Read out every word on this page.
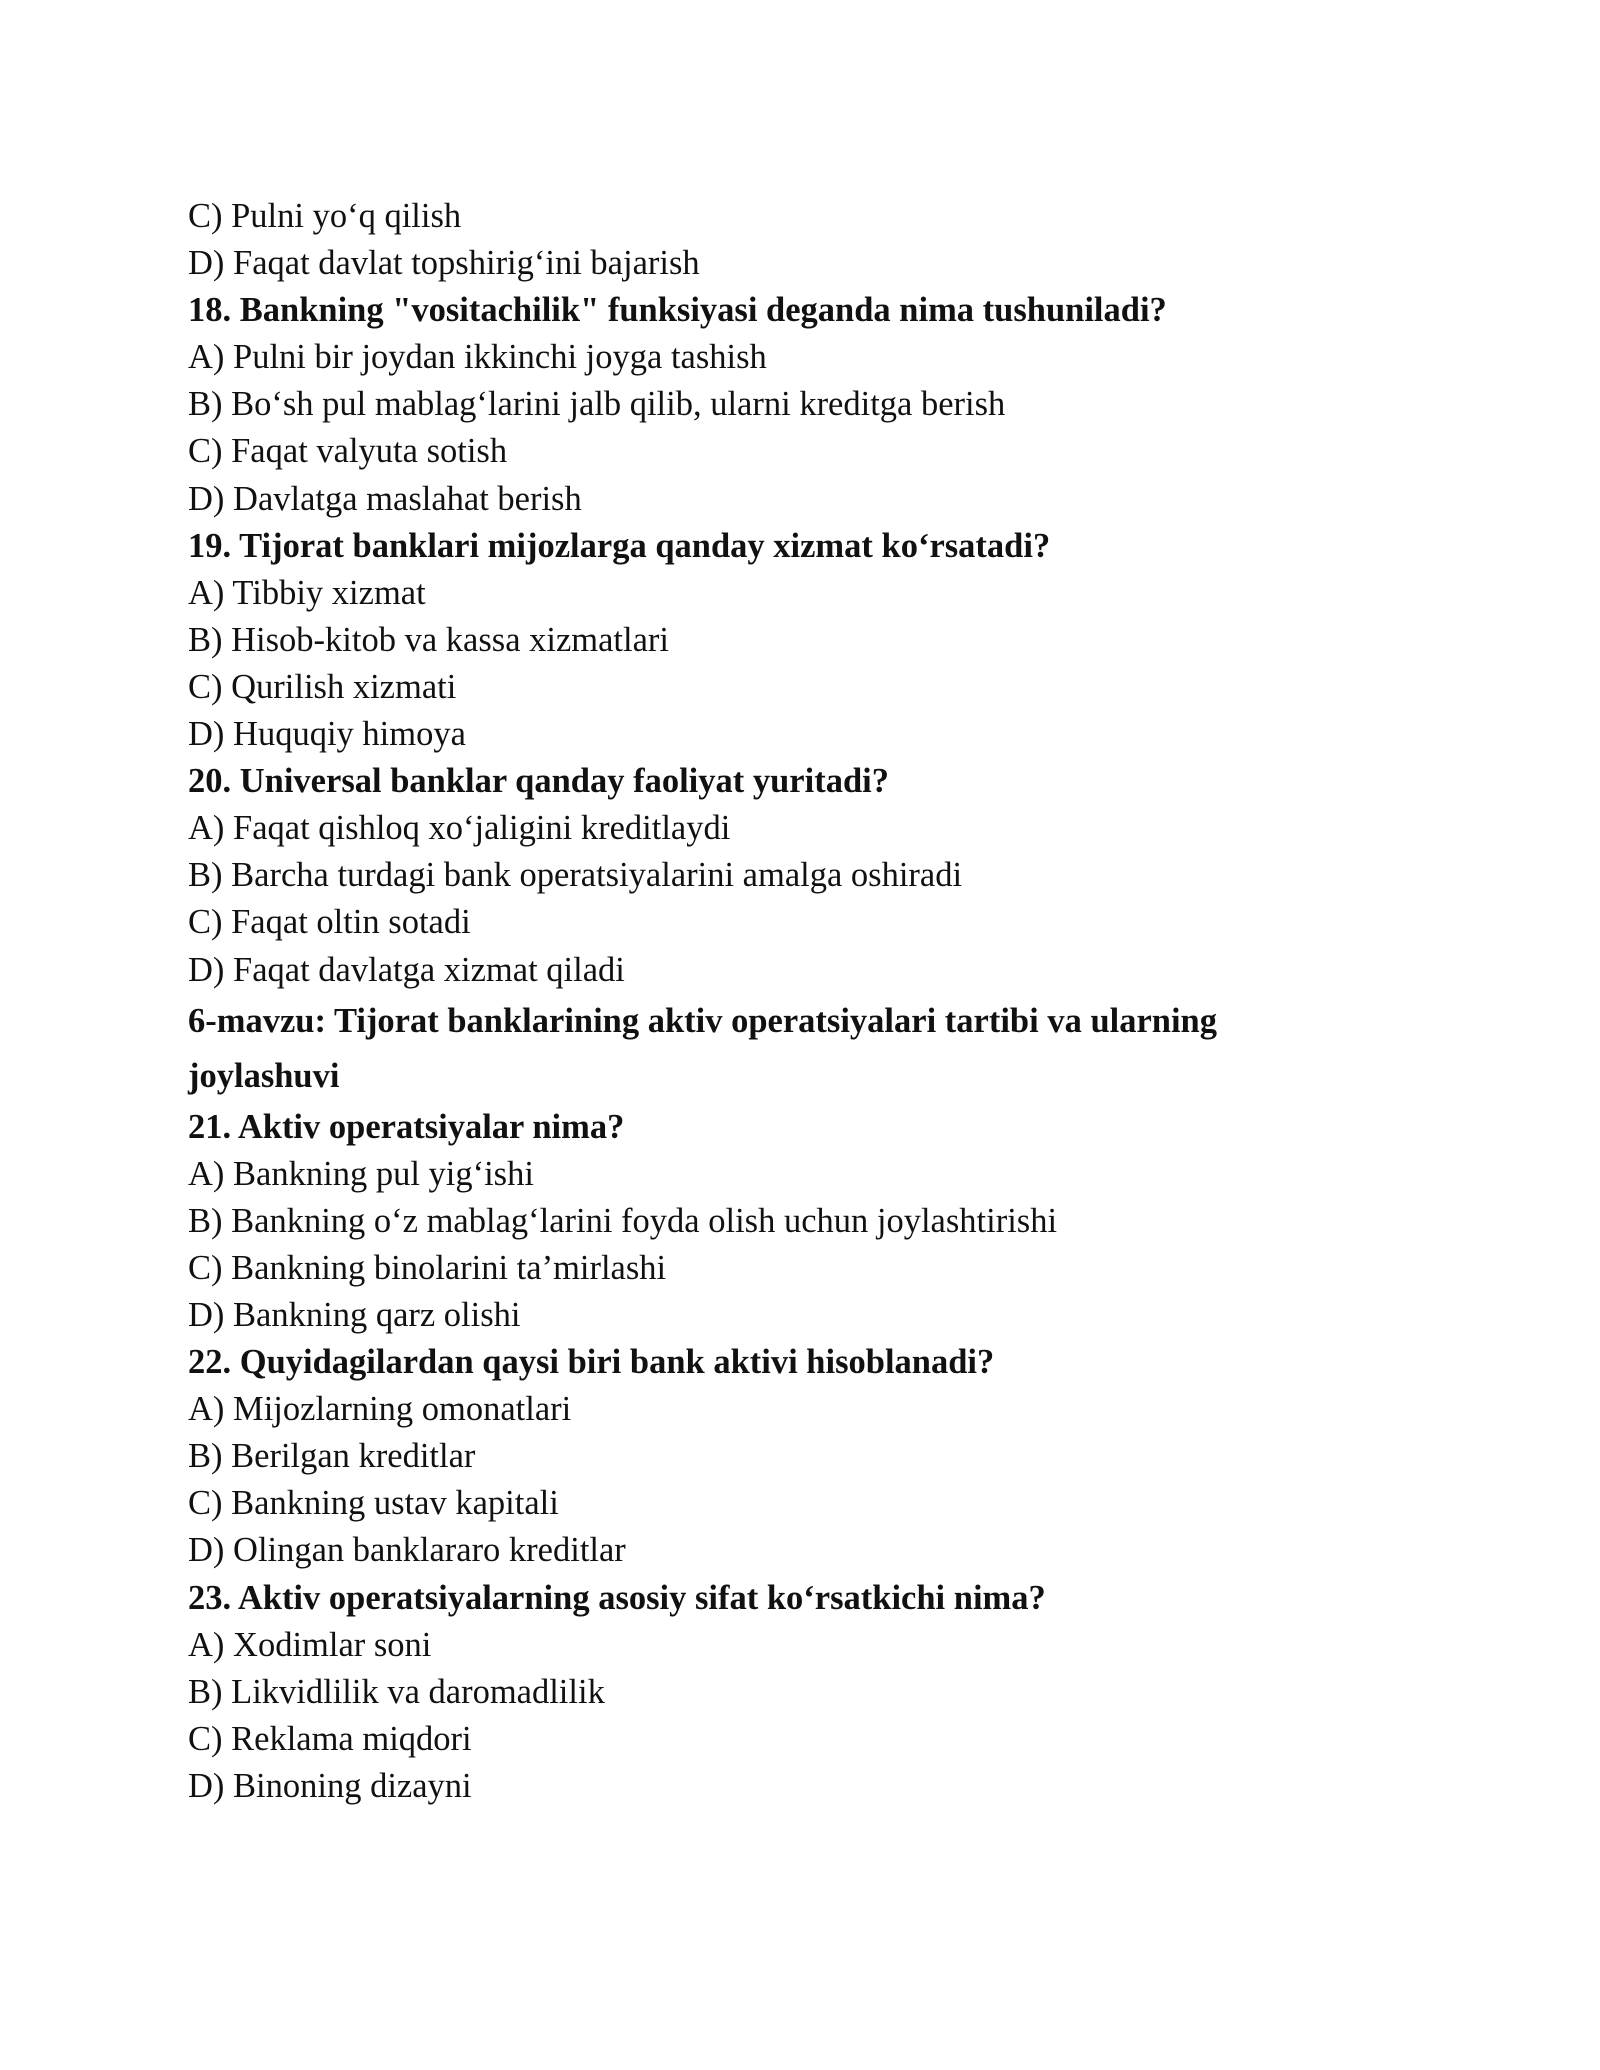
C) Pulni yo‘q qilish
D) Faqat davlat topshirig‘ini bajarish
18. Bankning "vositachilik" funksiyasi deganda nima tushuniladi?
A) Pulni bir joydan ikkinchi joyga tashish
B) Bo‘sh pul mablag‘larini jalb qilib, ularni kreditga berish
C) Faqat valyuta sotish
D) Davlatga maslahat berish
19. Tijorat banklari mijozlarga qanday xizmat ko‘rsatadi?
A) Tibbiy xizmat
B) Hisob-kitob va kassa xizmatlari
C) Qurilish xizmati
D) Huquqiy himoya
20. Universal banklar qanday faoliyat yuritadi?
A) Faqat qishloq xo‘jaligini kreditlaydi
B) Barcha turdagi bank operatsiyalarini amalga oshiradi
C) Faqat oltin sotadi
D) Faqat davlatga xizmat qiladi
6-mavzu: Tijorat banklarining aktiv operatsiyalari tartibi va ularning
joylashuvi
21. Aktiv operatsiyalar nima?
A) Bankning pul yig‘ishi
B) Bankning o‘z mablag‘larini foyda olish uchun joylashtirishi
C) Bankning binolarini ta’mirlashi
D) Bankning qarz olishi
22. Quyidagilardan qaysi biri bank aktivi hisoblanadi?
A) Mijozlarning omonatlari
B) Berilgan kreditlar
C) Bankning ustav kapitali
D) Olingan banklararo kreditlar
23. Aktiv operatsiyalarning asosiy sifat ko‘rsatkichi nima?
A) Xodimlar soni
B) Likvidlilik va daromadlilik
C) Reklama miqdori
D) Binoning dizayni
